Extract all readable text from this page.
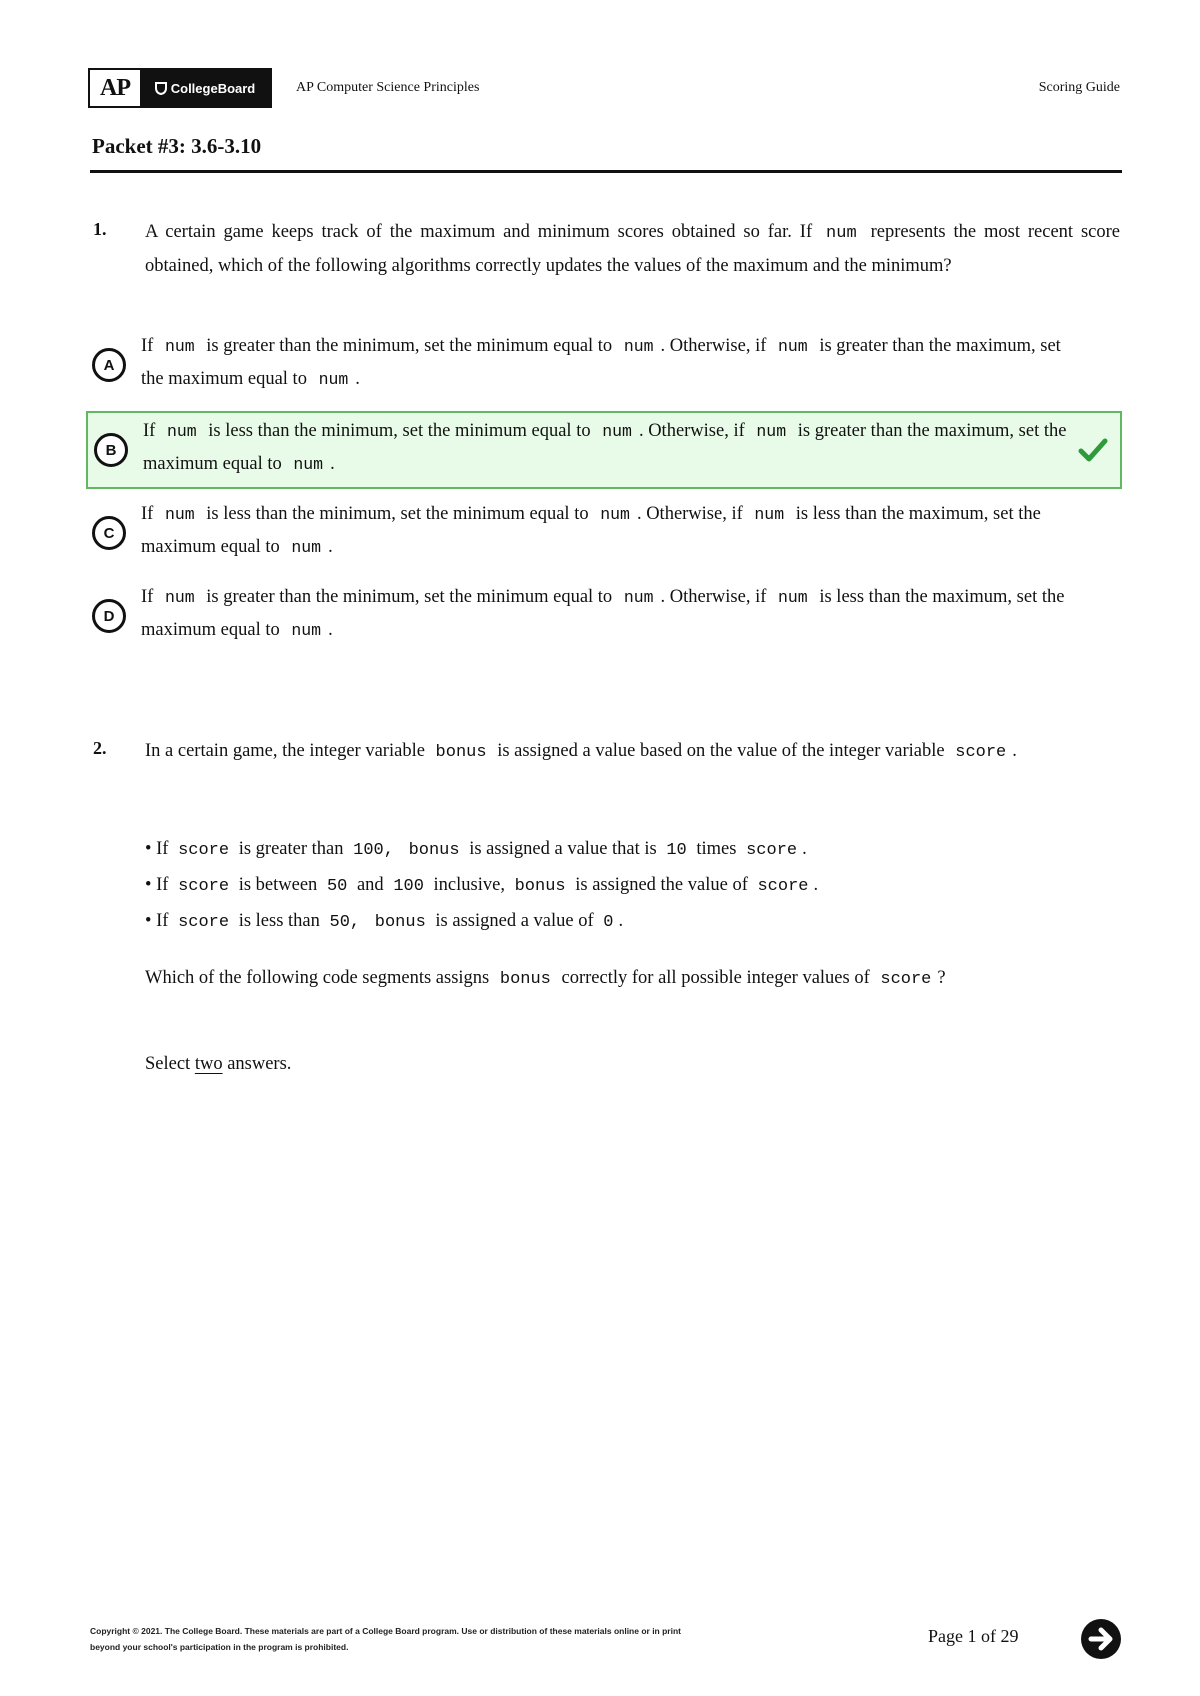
AP	CollegeBoard	AP Computer Science Principles	Scoring Guide
Packet #3: 3.6-3.10
1. A certain game keeps track of the maximum and minimum scores obtained so far. If num represents the most recent score obtained, which of the following algorithms correctly updates the values of the maximum and the minimum?
A
If num is greater than the minimum, set the minimum equal to num . Otherwise, if num is greater than the maximum, set the maximum equal to num .
B
If num is less than the minimum, set the minimum equal to num . Otherwise, if num is greater than the maximum, set the maximum equal to num .
C
If num is less than the minimum, set the minimum equal to num . Otherwise, if num is less than the maximum, set the maximum equal to num .
D
If num is greater than the minimum, set the minimum equal to num . Otherwise, if num is less than the maximum, set the maximum equal to num .
2. In a certain game, the integer variable bonus is assigned a value based on the value of the integer variable score .
• If score is greater than 100, bonus is assigned a value that is 10 times score .
• If score is between 50 and 100 inclusive, bonus is assigned the value of score .
• If score is less than 50, bonus is assigned a value of 0 .
Which of the following code segments assigns bonus correctly for all possible integer values of score ?
Select two answers.
Copyright © 2021. The College Board. These materials are part of a College Board program. Use or distribution of these materials online or in print
beyond your school's participation in the program is prohibited.
Page 1 of 29
